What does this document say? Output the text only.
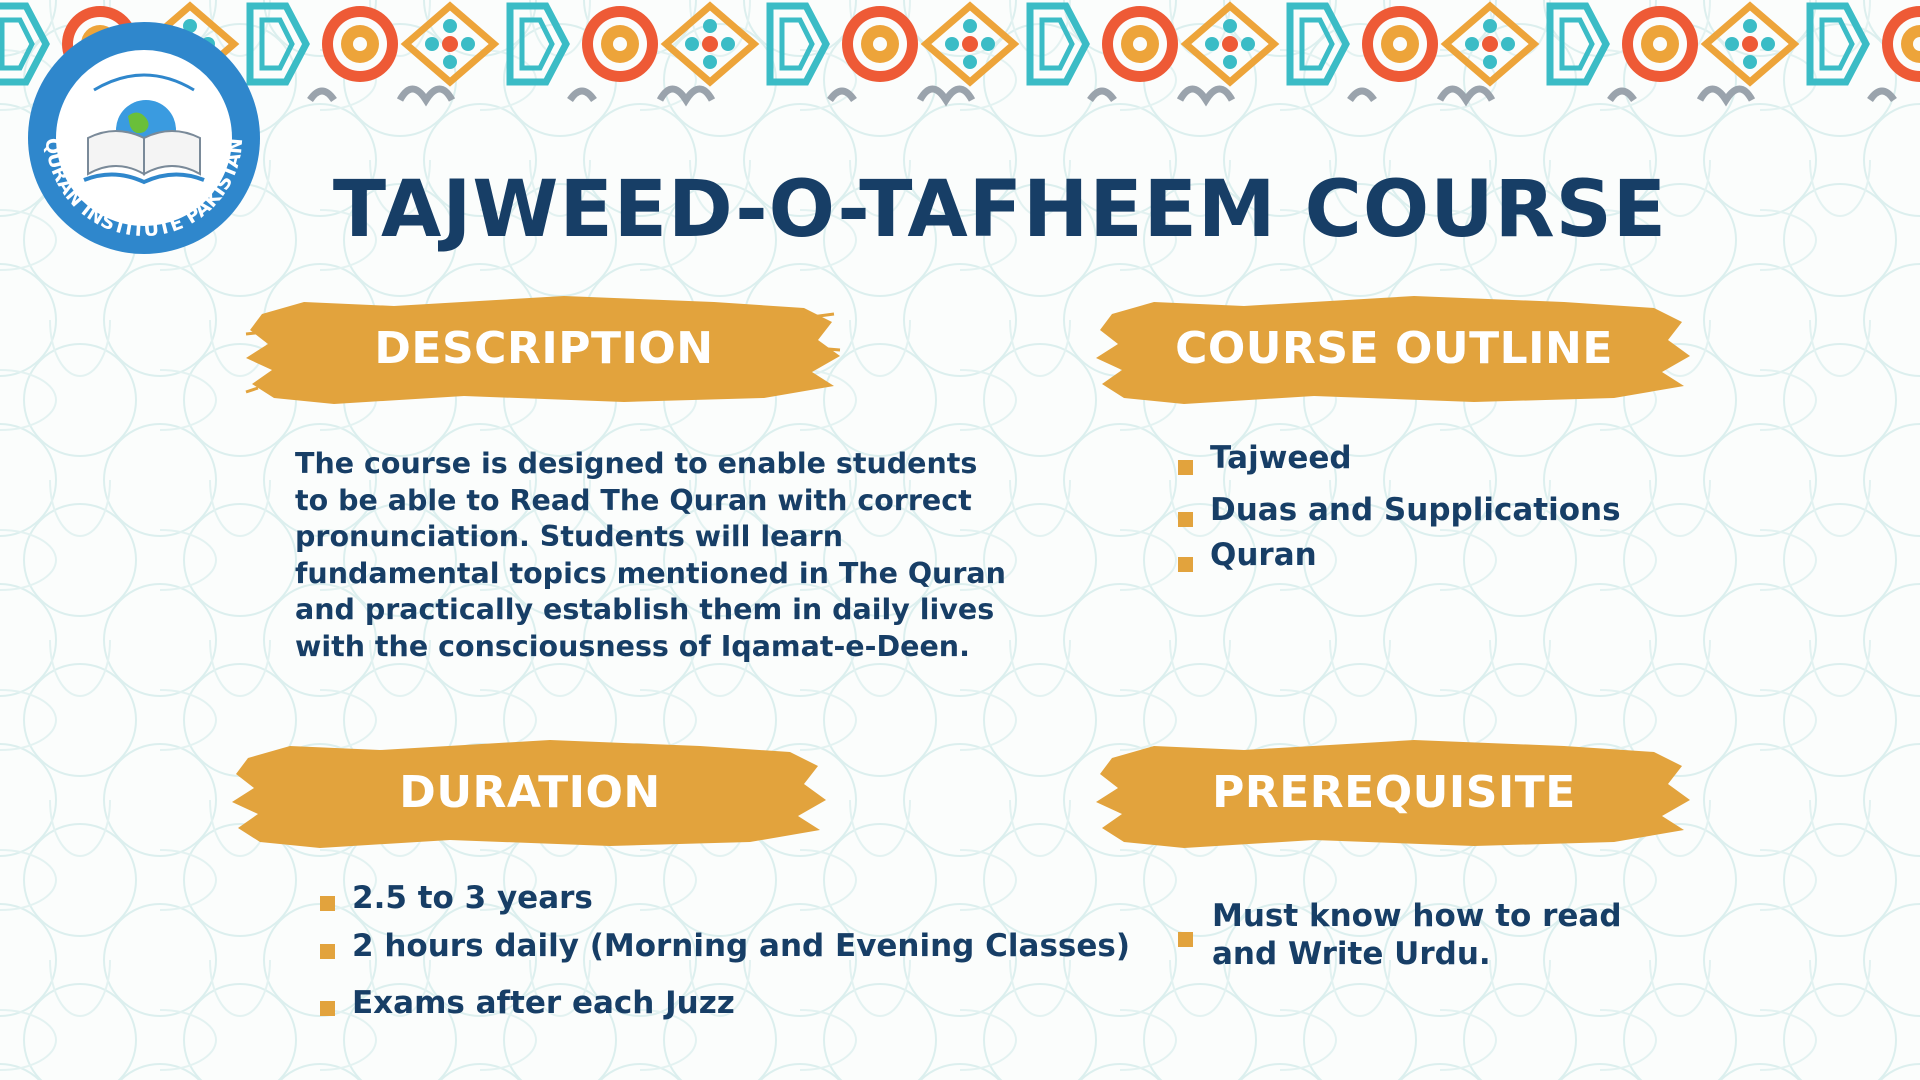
QURAN INSTITUTE PAKISTAN
TAJWEED-O-TAFHEEM COURSE
DESCRIPTION	COURSE OUTLINE
DURATION	PREREQUISITE
The course is designed to enable students to be able to Read The Quran with correct pronunciation. Students will learn fundamental topics mentioned in The Quran and practically establish them in daily lives with the consciousness of Iqamat-e-Deen.
Tajweed
Duas and Supplications
Quran
2.5 to 3 years
2 hours daily (Morning and Evening Classes)
Exams after each Juzz
Must know how to read
and Write Urdu.
